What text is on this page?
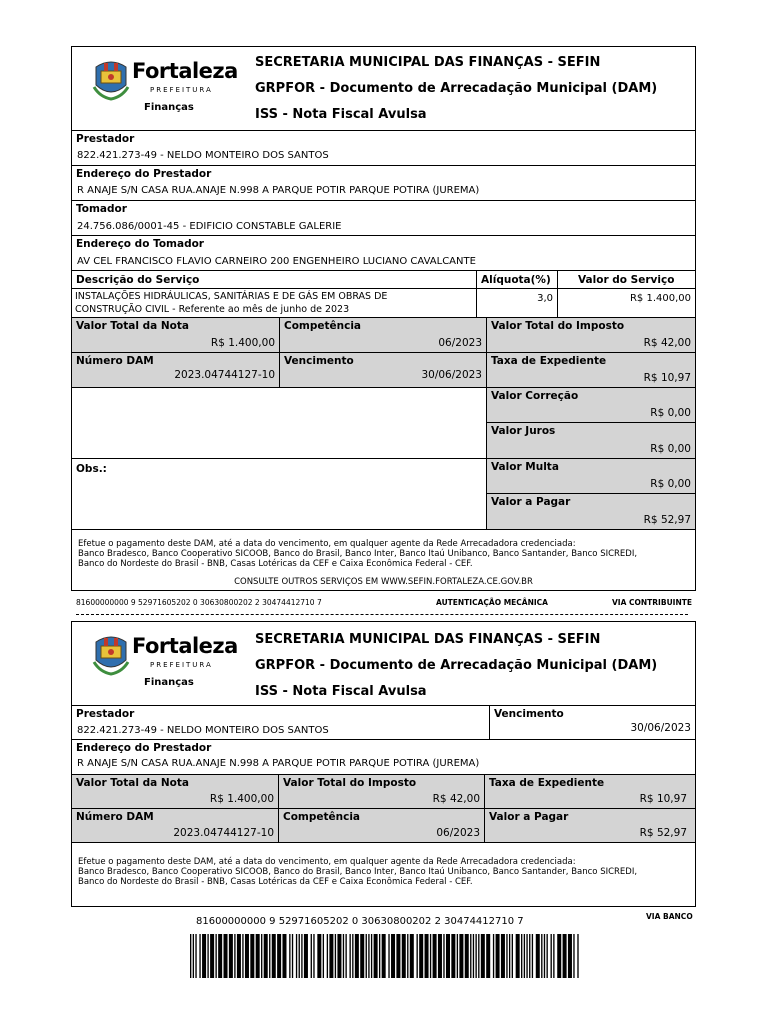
Fortaleza
PREFEITURA
Finanças
SECRETARIA MUNICIPAL DAS FINANÇAS - SEFIN
GRPFOR - Documento de Arrecadação Municipal (DAM)
ISS - Nota Fiscal Avulsa
Prestador
822.421.273-49 - NELDO MONTEIRO DOS SANTOS
Endereço do Prestador
R ANAJE S/N CASA RUA.ANAJE N.998 A PARQUE POTIR PARQUE POTIRA (JUREMA)
Tomador
24.756.086/0001-45 - EDIFICIO CONSTABLE GALERIE
Endereço do Tomador
AV CEL FRANCISCO FLAVIO CARNEIRO 200 ENGENHEIRO LUCIANO CAVALCANTE
Descrição do Serviço
INSTALAÇÕES HIDRÁULICAS, SANITÁRIAS E DE GÁS EM OBRAS DE
CONSTRUÇÃO CIVIL - Referente ao mês de junho de 2023
Alíquota(%)
3,0
Valor do Serviço
R$ 1.400,00
Valor Total da Nota
R$ 1.400,00
Competência
06/2023
Valor Total do Imposto
R$ 42,00
Número DAM
2023.04744127-10
Vencimento
30/06/2023
Taxa de Expediente
R$ 10,97
Valor Correção
R$ 0,00
Valor Juros
R$ 0,00
Obs.:	Valor Multa
R$ 0,00
Valor a Pagar
R$ 52,97
Efetue o pagamento deste DAM, até a data do vencimento, em qualquer agente da Rede Arrecadadora credenciada:
Banco Bradesco, Banco Cooperativo SICOOB, Banco do Brasil, Banco Inter, Banco Itaú Unibanco, Banco Santander, Banco SICREDI,
Banco do Nordeste do Brasil - BNB, Casas Lotéricas da CEF e Caixa Econômica Federal - CEF.
CONSULTE OUTROS SERVIÇOS EM WWW.SEFIN.FORTALEZA.CE.GOV.BR
81600000000 9 52971605202 0 30630800202 2 30474412710 7	AUTENTICAÇÃO MECÂNICA	VIA CONTRIBUINTE
Fortaleza
PREFEITURA
Finanças
SECRETARIA MUNICIPAL DAS FINANÇAS - SEFIN
GRPFOR - Documento de Arrecadação Municipal (DAM)
ISS - Nota Fiscal Avulsa
Prestador
822.421.273-49 - NELDO MONTEIRO DOS SANTOS
Vencimento
30/06/2023
Endereço do Prestador
R ANAJE S/N CASA RUA.ANAJE N.998 A PARQUE POTIR PARQUE POTIRA (JUREMA)
Valor Total da Nota
R$ 1.400,00
Valor Total do Imposto
R$ 42,00
Taxa de Expediente
R$ 10,97
Número DAM
2023.04744127-10
Competência
06/2023
Valor a Pagar
R$ 52,97
Efetue o pagamento deste DAM, até a data do vencimento, em qualquer agente da Rede Arrecadadora credenciada:
Banco Bradesco, Banco Cooperativo SICOOB, Banco do Brasil, Banco Inter, Banco Itaú Unibanco, Banco Santander, Banco SICREDI,
Banco do Nordeste do Brasil - BNB, Casas Lotéricas da CEF e Caixa Econômica Federal - CEF.
VIA BANCO
81600000000 9 52971605202 0 30630800202 2 30474412710 7
